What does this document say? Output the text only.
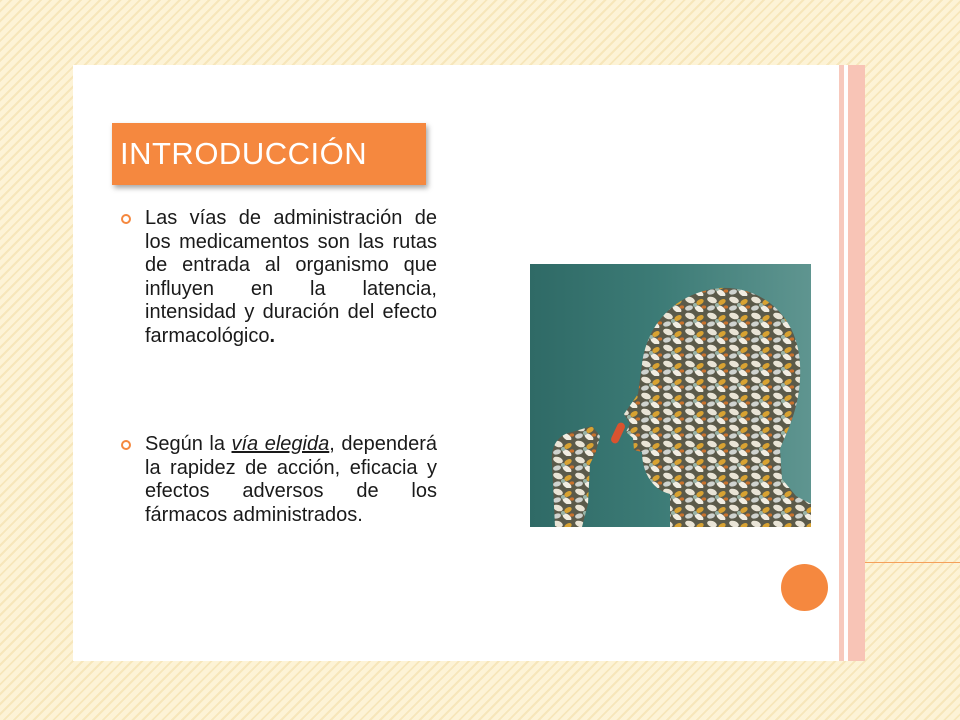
INTRODUCCIÓN
Las vías de administración de los medicamentos son las rutas de entrada al organismo que influyen en la latencia, intensidad y duración del efecto farmacológico.
Según la vía elegida, dependerá la rapidez de acción, eficacia y efectos adversos de los fármacos administrados.
